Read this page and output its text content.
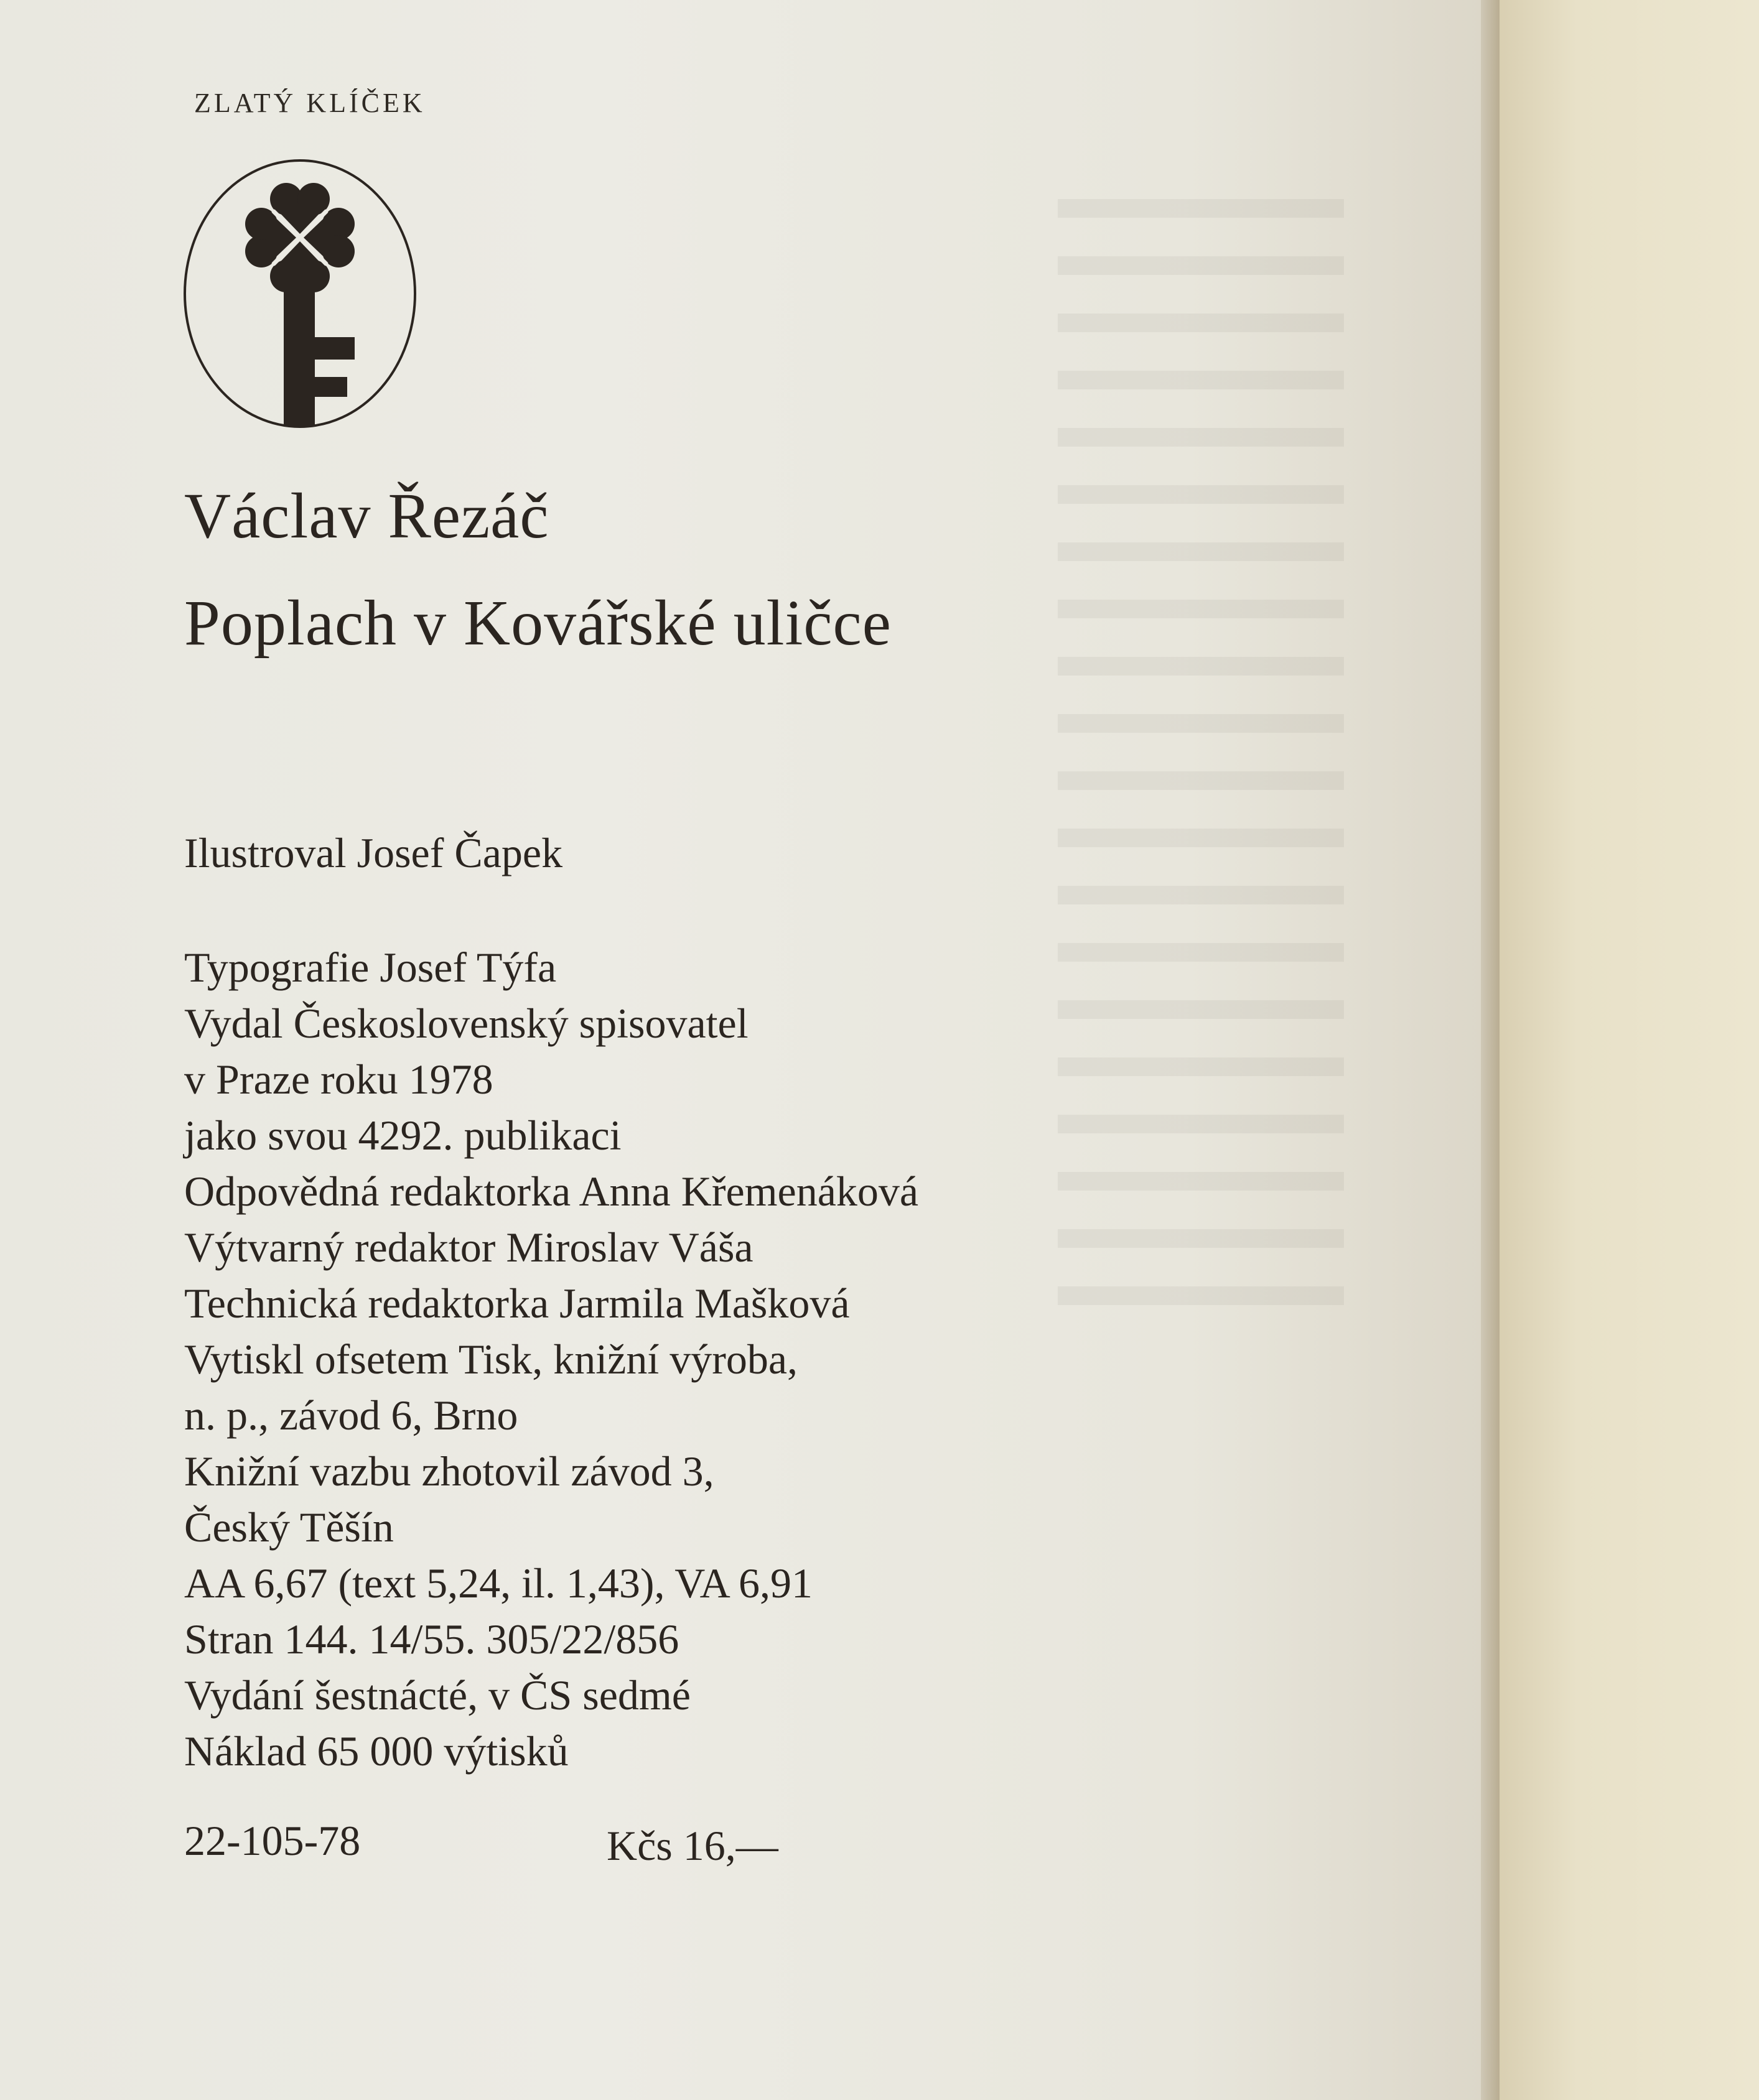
ZLATÝ KLÍČEK
Václav Řezáč
Poplach v Kovářské uličce
Ilustroval Josef Čapek
Typografie Josef Týfa
Vydal Československý spisovatel
v Praze roku 1978
jako svou 4292. publikaci
Odpovědná redaktorka Anna Křemenáková
Výtvarný redaktor Miroslav Váša
Technická redaktorka Jarmila Mašková
Vytiskl ofsetem Tisk, knižní výroba,
n. p., závod 6, Brno
Knižní vazbu zhotovil závod 3,
Český Těšín
AA 6,67 (text 5,24, il. 1,43), VA 6,91
Stran 144. 14/55. 305/22/856
Vydání šestnácté, v ČS sedmé
Náklad 65 000 výtisků
22-105-78	Kčs 16,—
